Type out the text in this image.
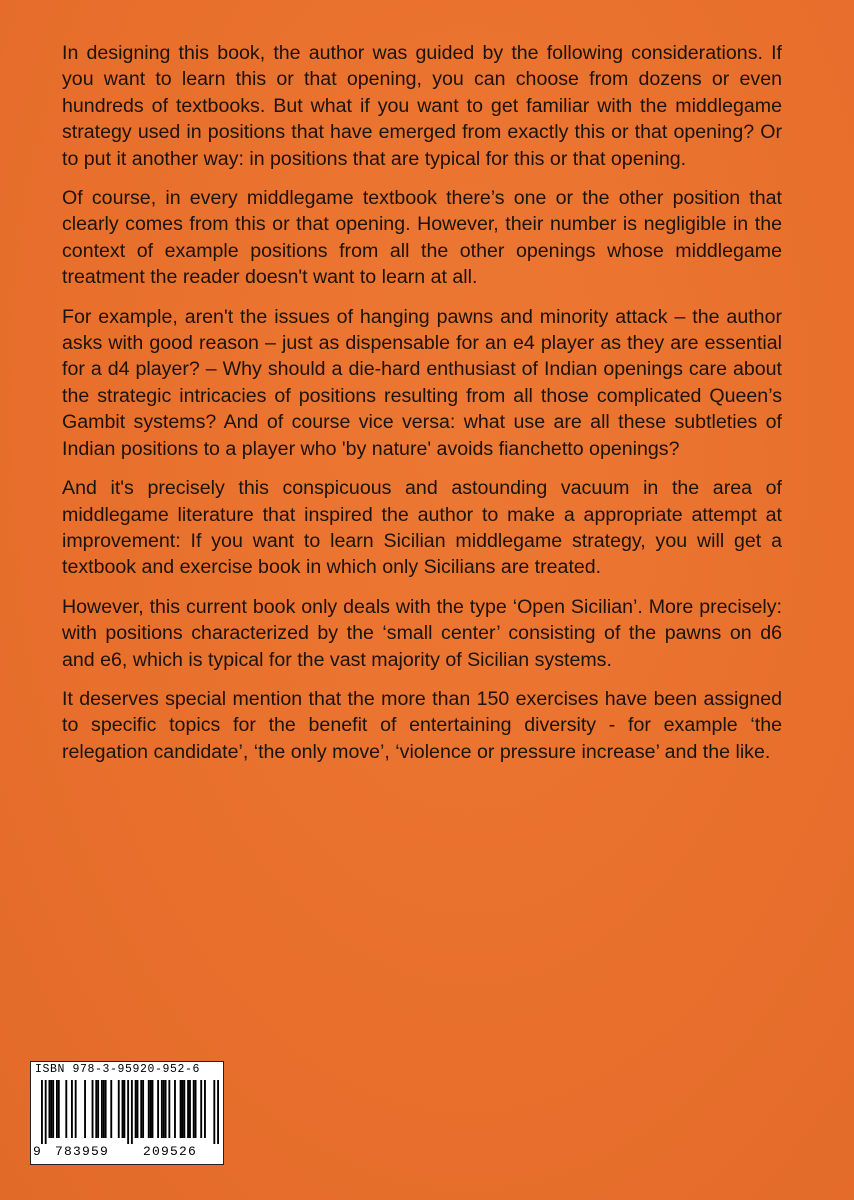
In designing this book, the author was guided by the following considerations. If you want to learn this or that opening, you can choose from dozens or even hundreds of textbooks. But what if you want to get familiar with the middlegame strategy used in positions that have emerged from exactly this or that opening? Or to put it another way: in positions that are typical for this or that opening.

Of course, in every middlegame textbook there’s one or the other position that clearly comes from this or that opening. However, their number is negligible in the context of example positions from all the other openings whose middlegame treatment the reader doesn't want to learn at all.

For example, aren't the issues of hanging pawns and minority attack – the author asks with good reason – just as dispensable for an e4 player as they are essential for a d4 player? – Why should a die-hard enthusiast of Indian openings care about the strategic intricacies of positions resulting from all those complicated Queen’s Gambit systems? And of course vice versa: what use are all these subtleties of Indian positions to a player who 'by nature' avoids fianchetto openings?

And it's precisely this conspicuous and astounding vacuum in the area of middlegame literature that inspired the author to make a appropriate attempt at improvement: If you want to learn Sicilian middlegame strategy, you will get a textbook and exercise book in which only Sicilians are treated.

However, this current book only deals with the type ‘Open Sicilian’. More precisely: with positions characterized by the ‘small center’ consisting of the pawns on d6 and e6, which is typical for the vast majority of Sicilian systems.

It deserves special mention that the more than 150 exercises have been assigned to specific topics for the benefit of entertaining diversity - for example ‘the relegation candidate’, ‘the only move’, ‘violence or pressure increase’ and the like.

ISBN 978-3-95920-952-6
9 783959	209526
